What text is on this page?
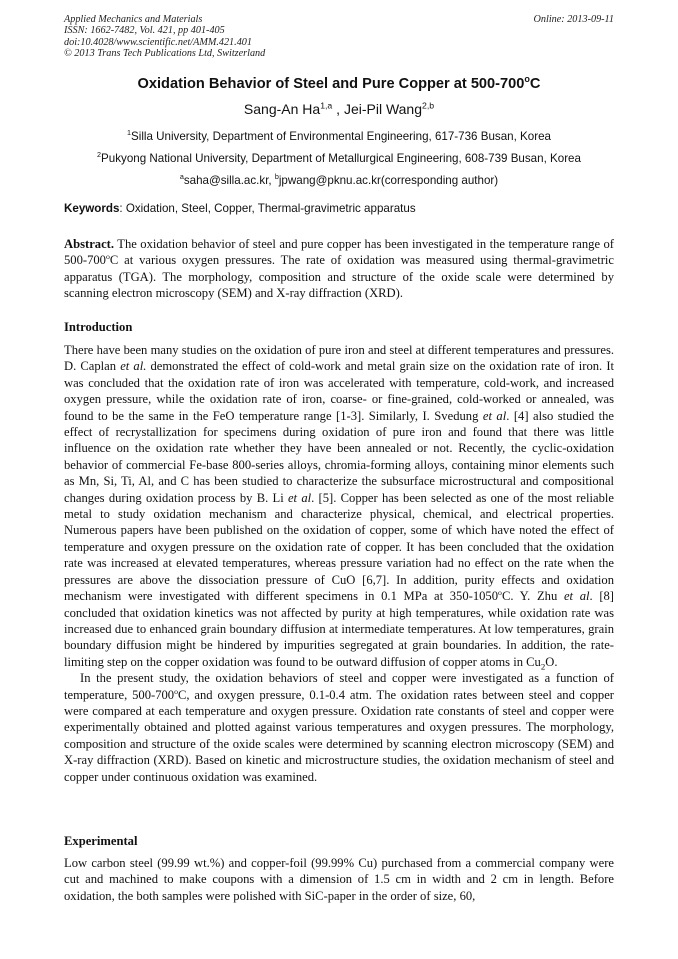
Applied Mechanics and Materials
ISSN: 1662-7482, Vol. 421, pp 401-405
doi:10.4028/www.scientific.net/AMM.421.401
© 2013 Trans Tech Publications Ltd, Switzerland
Online: 2013-09-11
Oxidation Behavior of Steel and Pure Copper at 500-700$^o$C
Sang-An Ha$^{1,a}$ , Jei-Pil Wang$^{2,b}$
$^1$Silla University, Department of Environmental Engineering, 617-736 Busan, Korea
$^2$Pukyong National University, Department of Metallurgical Engineering, 608-739 Busan, Korea
$^a$saha@silla.ac.kr, $^b$jpwang@pknu.ac.kr(corresponding author)
Keywords: Oxidation, Steel, Copper, Thermal-gravimetric apparatus

Abstract. The oxidation behavior of steel and pure copper has been investigated in the temperature range of 500-700$^o$C at various oxygen pressures. The rate of oxidation was measured using thermal-gravimetric apparatus (TGA). The morphology, composition and structure of the oxide scale were determined by scanning electron microscopy (SEM) and X-ray diffraction (XRD).

Introduction

There have been many studies on the oxidation of pure iron and steel at different temperatures and pressures. D. Caplan et al. demonstrated the effect of cold-work and metal grain size on the oxidation rate of iron. It was concluded that the oxidation rate of iron was accelerated with temperature, cold-work, and increased oxygen pressure, while the oxidation rate of iron, coarse- or fine-grained, cold-worked or annealed, was found to be the same in the FeO temperature range [1-3]. Similarly, I. Svedung et al. [4] also studied the effect of recrystallization for specimens during oxidation of pure iron and found that there was little influence on the oxidation rate whether they have been annealed or not. Recently, the cyclic-oxidation behavior of commercial Fe-base 800-series alloys, chromia-forming alloys, containing minor elements such as Mn, Si, Ti, Al, and C has been studied to characterize the subsurface microstructural and compositional changes during oxidation process by B. Li et al. [5]. Copper has been selected as one of the most reliable metal to study oxidation mechanism and characterize physical, chemical, and electrical properties. Numerous papers have been published on the oxidation of copper, some of which have noted the effect of temperature and oxygen pressure on the oxidation rate of copper. It has been concluded that the oxidation rate was increased at elevated temperatures, whereas pressure variation had no effect on the rate when the pressures are above the dissociation pressure of CuO [6,7]. In addition, purity effects and oxidation mechanism were investigated with different specimens in 0.1 MPa at 350-1050$^o$C. Y. Zhu et al. [8] concluded that oxidation kinetics was not affected by purity at high temperatures, while oxidation rate was increased due to enhanced grain boundary diffusion at intermediate temperatures. At low temperatures, grain boundary diffusion might be hindered by impurities segregated at grain boundaries. In addition, the rate-limiting step on the copper oxidation was found to be outward diffusion of copper atoms in $Cu_2O$.

In the present study, the oxidation behaviors of steel and copper were investigated as a function of temperature, 500-700$^o$C, and oxygen pressure, 0.1-0.4 atm. The oxidation rates between steel and copper were compared at each temperature and oxygen pressure. Oxidation rate constants of steel and copper were experimentally obtained and plotted against various temperatures and oxygen pressures. The morphology, composition and structure of the oxide scales were determined by scanning electron microscopy (SEM) and X-ray diffraction (XRD). Based on kinetic and microstructure studies, the oxidation mechanism of steel and copper under continuous oxidation was examined.

Experimental

Low carbon steel (99.99 wt.%) and copper-foil (99.99% Cu) purchased from a commercial company were cut and machined to make coupons with a dimension of 1.5 cm in width and 2 cm in length. Before oxidation, the both samples were polished with SiC-paper in the order of size, 60,
